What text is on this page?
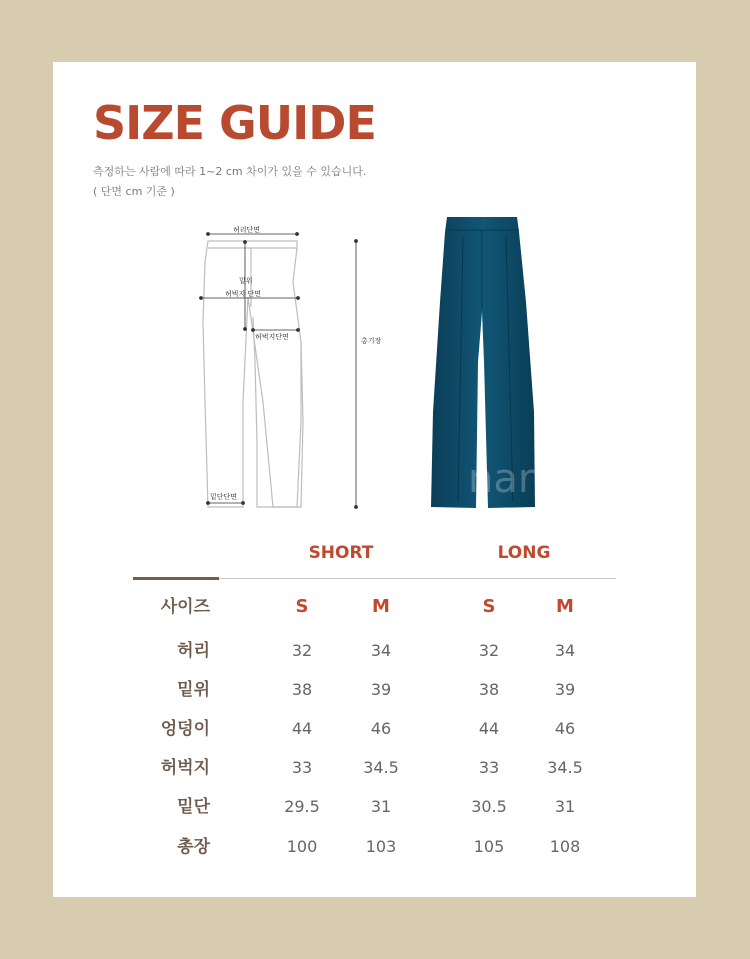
SIZE GUIDE
측정하는 사람에 따라 1~2 cm 차이가 있을 수 있습니다.
( 단면 cm 기준 )
허리단면
밑위
허벅지 단면
허벅지단면	총기장
밑단단면	narc
SHORT	LONG
사이즈	S	M	S	M
허리	32	34	32	34
밑위	38	39	38	39
엉덩이	44	46	44	46
허벅지	33	34.5	33	34.5
밑단	29.5	31	30.5	31
총장	100	103	105	108
